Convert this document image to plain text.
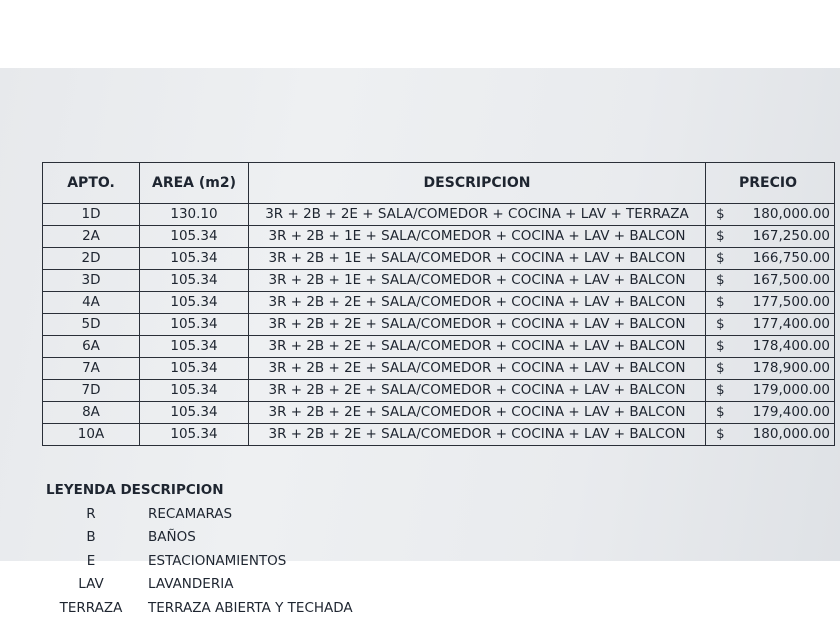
APTO.	AREA (m2)	DESCRIPCION	PRECIO
1D	130.10	3R + 2B + 2E + SALA/COMEDOR + COCINA + LAV + TERRAZA	$ 180,000.00
2A	105.34	3R + 2B + 1E + SALA/COMEDOR + COCINA + LAV + BALCON	$ 167,250.00
2D	105.34	3R + 2B + 1E + SALA/COMEDOR + COCINA + LAV + BALCON	$ 166,750.00
3D	105.34	3R + 2B + 1E + SALA/COMEDOR + COCINA + LAV + BALCON	$ 167,500.00
4A	105.34	3R + 2B + 2E + SALA/COMEDOR + COCINA + LAV + BALCON	$ 177,500.00
5D	105.34	3R + 2B + 2E + SALA/COMEDOR + COCINA + LAV + BALCON	$ 177,400.00
6A	105.34	3R + 2B + 2E + SALA/COMEDOR + COCINA + LAV + BALCON	$ 178,400.00
7A	105.34	3R + 2B + 2E + SALA/COMEDOR + COCINA + LAV + BALCON	$ 178,900.00
7D	105.34	3R + 2B + 2E + SALA/COMEDOR + COCINA + LAV + BALCON	$ 179,000.00
8A	105.34	3R + 2B + 2E + SALA/COMEDOR + COCINA + LAV + BALCON	$ 179,400.00
10A	105.34	3R + 2B + 2E + SALA/COMEDOR + COCINA + LAV + BALCON	$ 180,000.00
LEYENDA DESCRIPCION
R	RECAMARAS
B	BAÑOS
E	ESTACIONAMIENTOS
LAV	LAVANDERIA
TERRAZA	TERRAZA ABIERTA Y TECHADA
